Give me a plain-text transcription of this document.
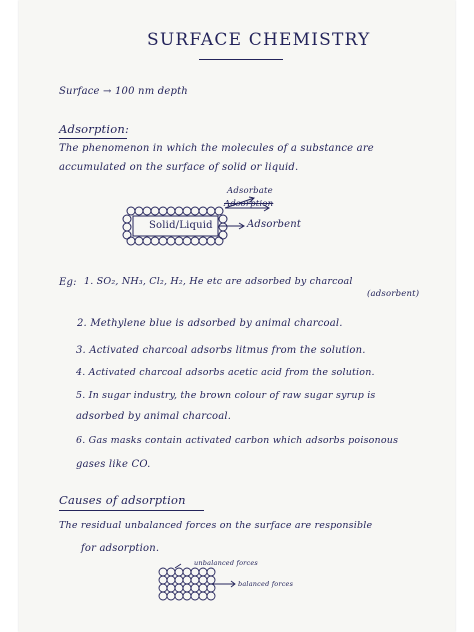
SURFACE CHEMISTRY
Surface → 100 nm depth
Adsorption:
The phenomenon in which the molecules of a substance are
accumulated on the surface of solid or liquid.
Adsorbate
Adsorption
Solid/Liquid	Adsorbent
Eg: 1. SO₂, NH₃, Cl₂, H₂, He etc are adsorbed by charcoal
(adsorbent)
2. Methylene blue is adsorbed by animal charcoal.
3. Activated charcoal adsorbs litmus from the solution.
4. Activated charcoal adsorbs acetic acid from the solution.
5. In sugar industry, the brown colour of raw sugar syrup is
adsorbed by animal charcoal.
6. Gas masks contain activated carbon which adsorbs poisonous
gases like CO.
Causes of adsorption
The residual unbalanced forces on the surface are responsible
for adsorption.
unbalanced forces
balanced forces
